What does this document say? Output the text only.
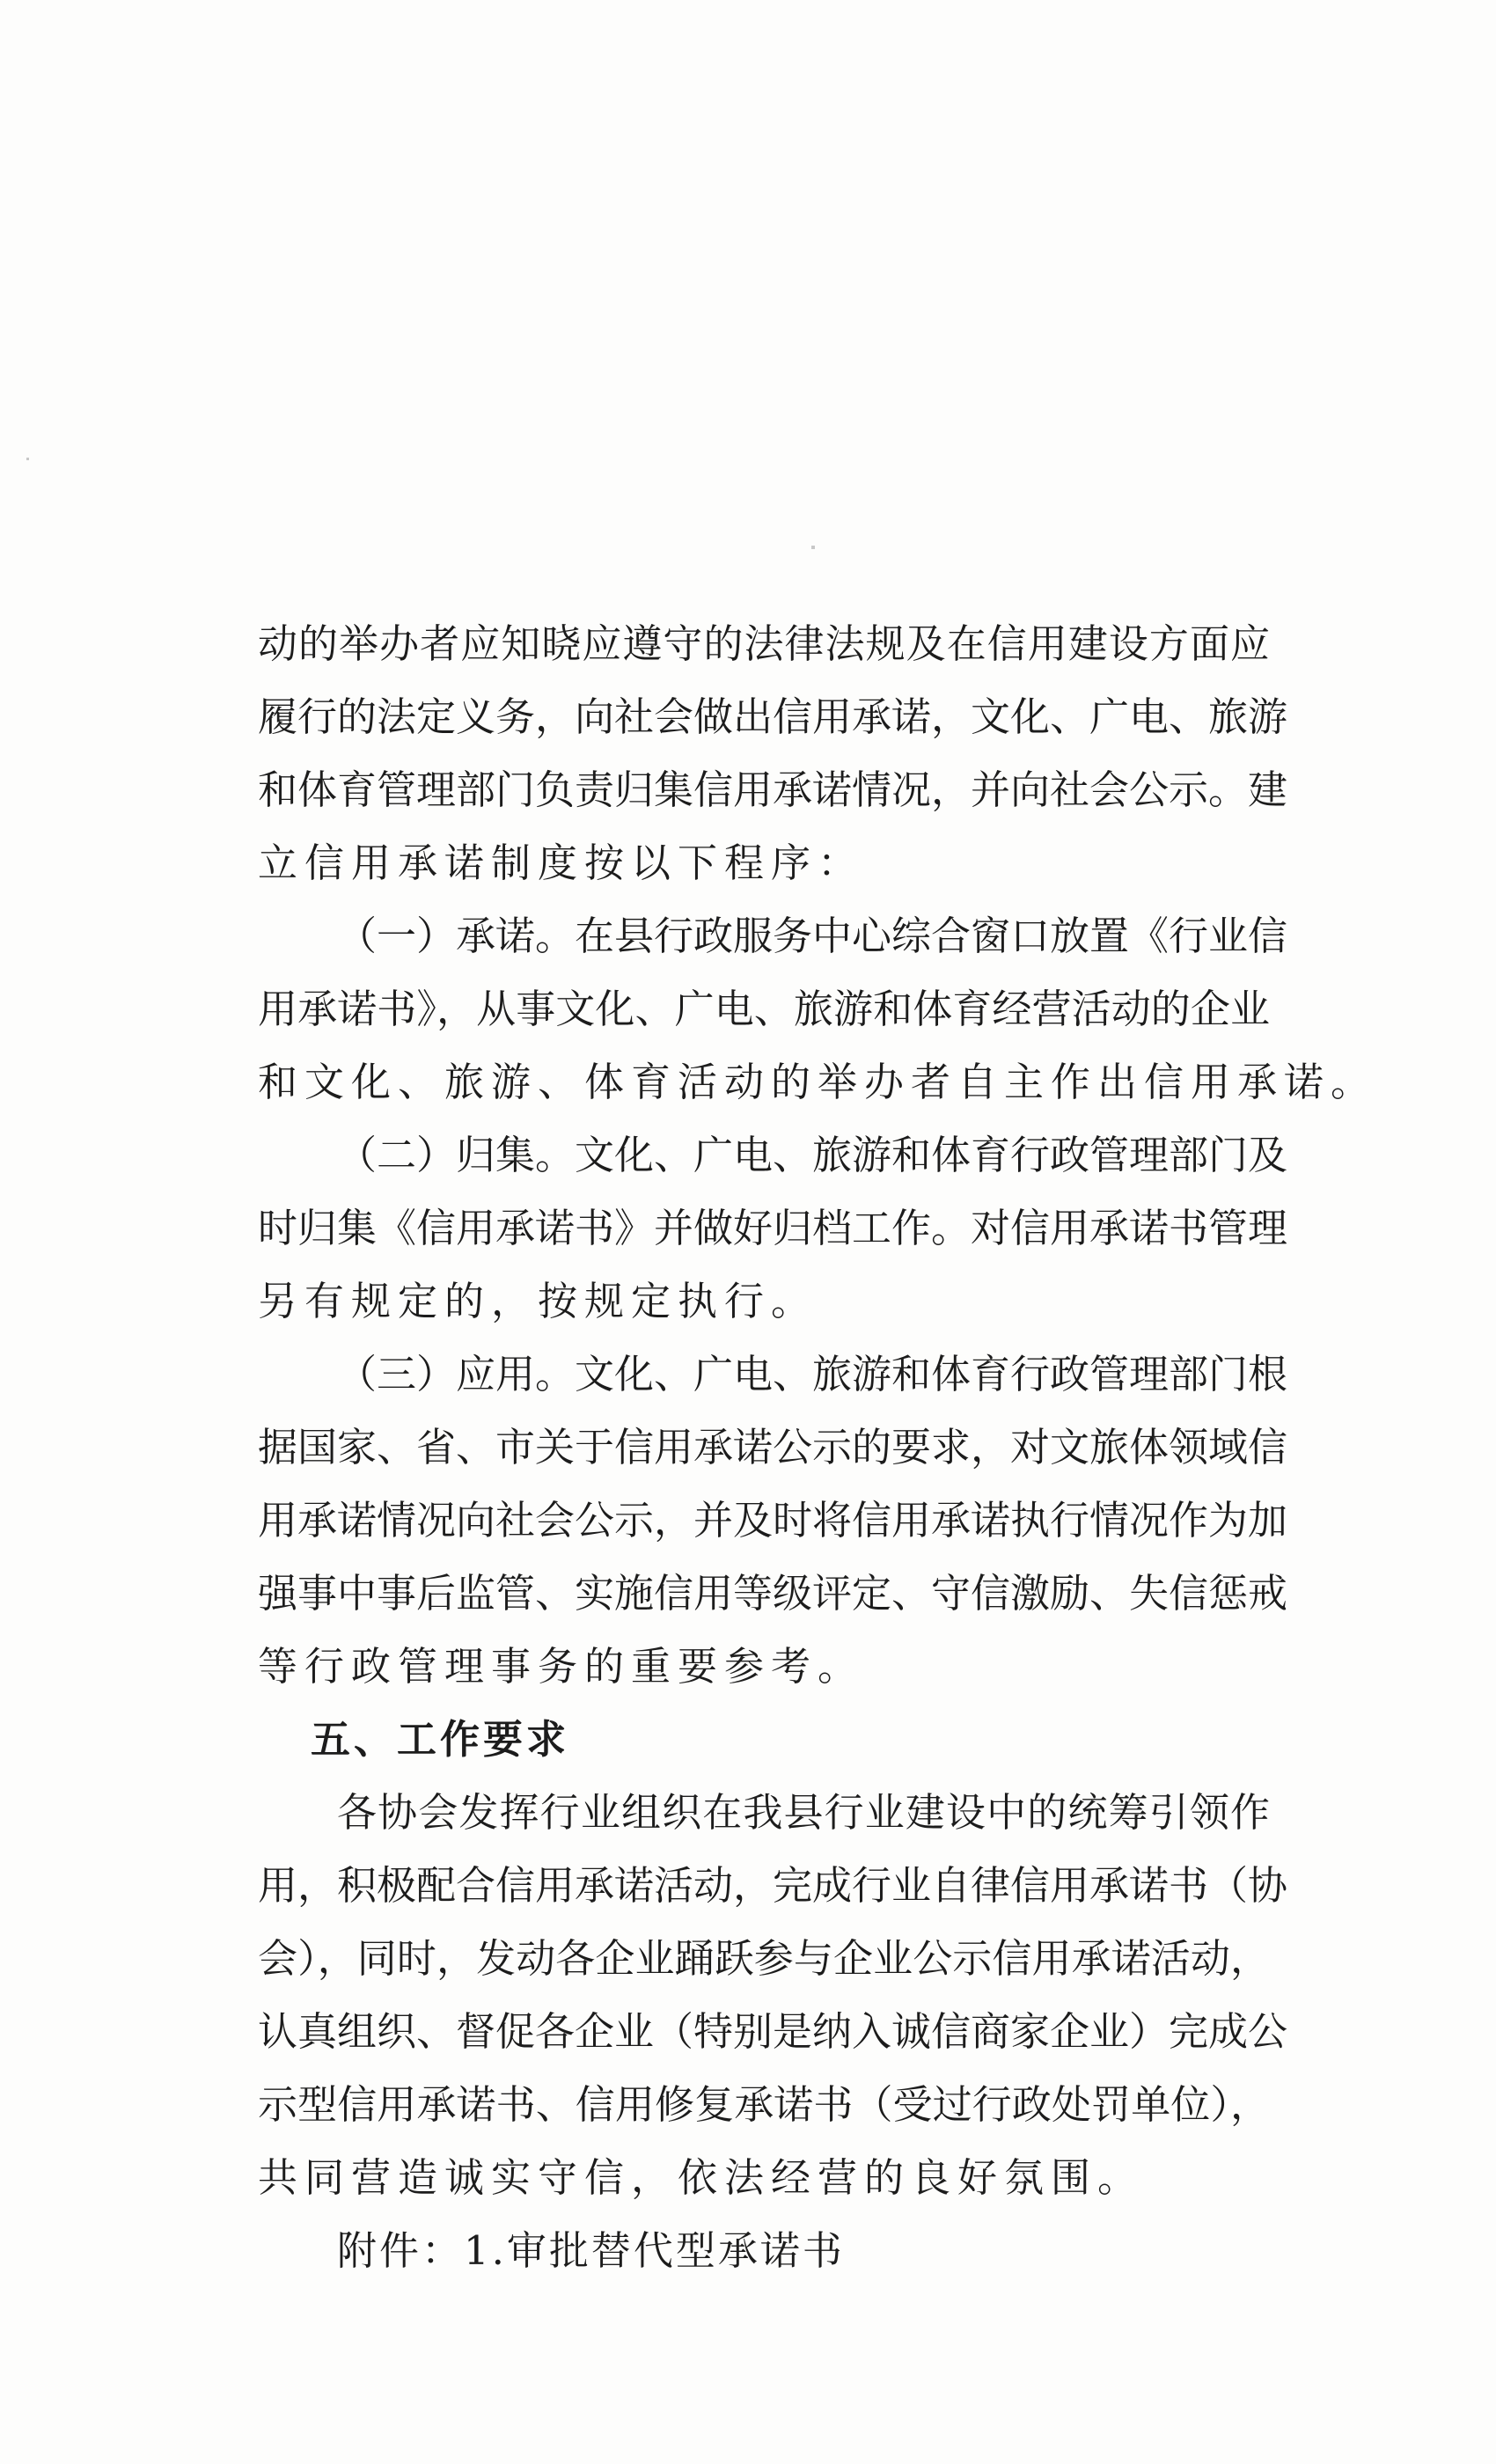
动的举办者应知晓应遵守的法律法规及在信用建设方面应
履行的法定义务，向社会做出信用承诺，文化、广电、旅游
和体育管理部门负责归集信用承诺情况，并向社会公示。建
立信用承诺制度按以下程序：
（一）承诺。在县行政服务中心综合窗口放置《行业信
用承诺书》，从事文化、广电、旅游和体育经营活动的企业
和文化、旅游、体育活动的举办者自主作出信用承诺。
（二）归集。文化、广电、旅游和体育行政管理部门及
时归集《信用承诺书》并做好归档工作。对信用承诺书管理
另有规定的，按规定执行。
（三）应用。文化、广电、旅游和体育行政管理部门根
据国家、省、市关于信用承诺公示的要求，对文旅体领域信
用承诺情况向社会公示，并及时将信用承诺执行情况作为加
强事中事后监管、实施信用等级评定、守信激励、失信惩戒
等行政管理事务的重要参考。
五、工作要求
各协会发挥行业组织在我县行业建设中的统筹引领作
用，积极配合信用承诺活动，完成行业自律信用承诺书（协
会），同时，发动各企业踊跃参与企业公示信用承诺活动，
认真组织、督促各企业（特别是纳入诚信商家企业）完成公
示型信用承诺书、信用修复承诺书（受过行政处罚单位），
共同营造诚实守信，依法经营的良好氛围。
附件：1.审批替代型承诺书
